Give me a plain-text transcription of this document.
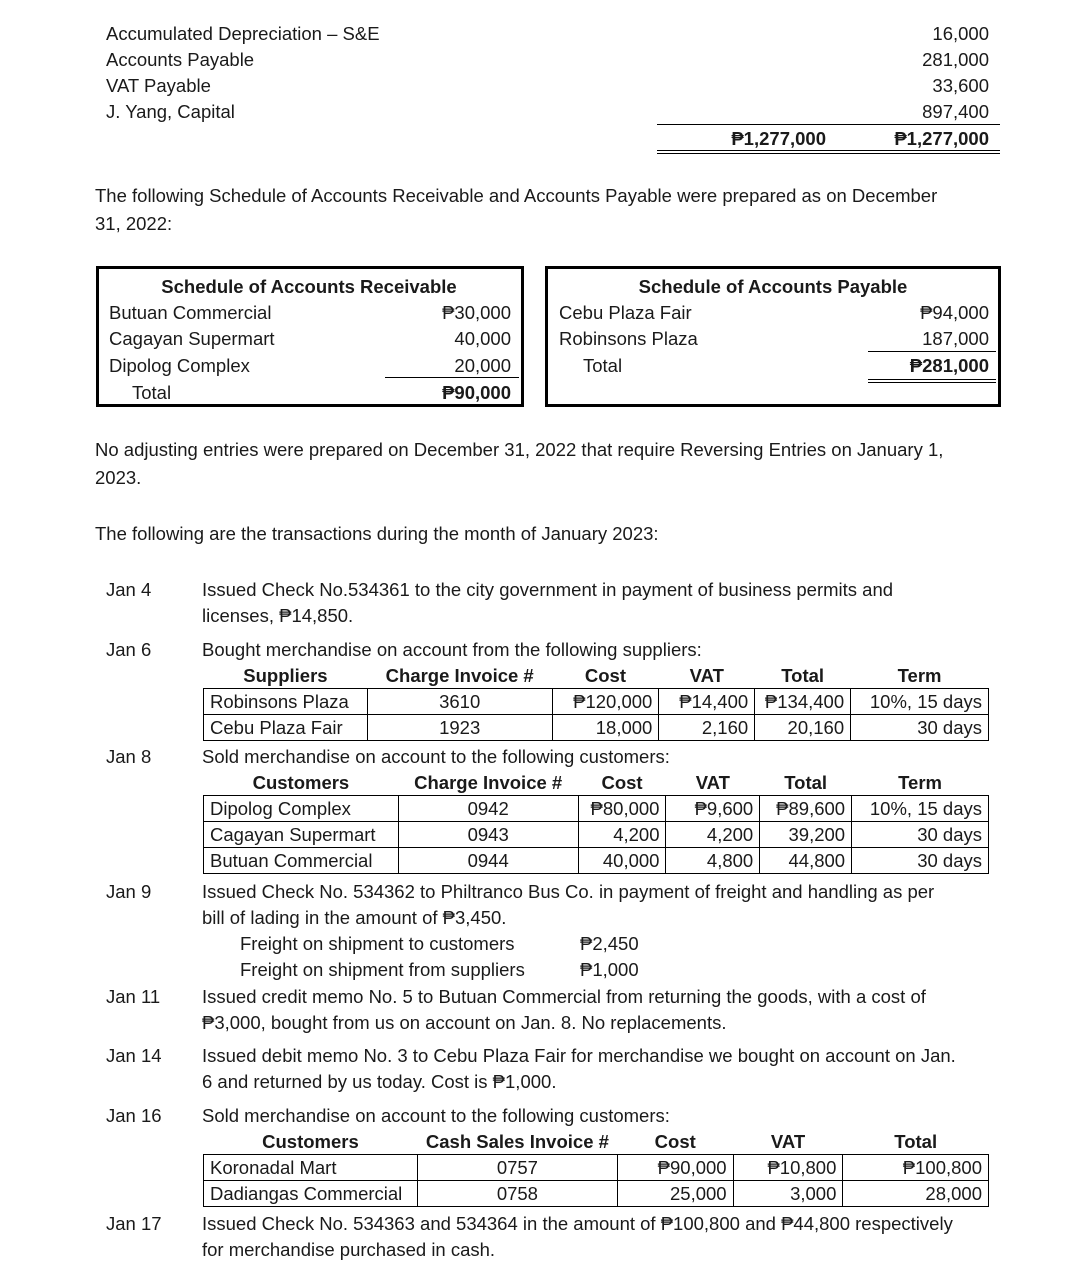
Accumulated Depreciation – S&E	16,000
Accounts Payable	281,000
VAT Payable	33,600
J. Yang, Capital	897,400
₱1,277,000	₱1,277,000
The following Schedule of Accounts Receivable and Accounts Payable were prepared as on December
31, 2022:
Schedule of Accounts Receivable
Butuan Commercial	₱30,000
Cagayan Supermart	40,000
Dipolog Complex	20,000
Total	₱90,000
Schedule of Accounts Payable
Cebu Plaza Fair	₱94,000
Robinsons Plaza	187,000
Total	₱281,000
No adjusting entries were prepared on December 31, 2022 that require Reversing Entries on January 1,
2023.
The following are the transactions during the month of January 2023:
Jan 4	Issued Check No.534361 to the city government in payment of business permits and
licenses, ₱14,850.
Jan 6	Bought merchandise on account from the following suppliers:
Suppliers	Charge Invoice #	Cost	VAT	Total	Term
Robinsons Plaza	3610	₱120,000	₱14,400	₱134,400	10%, 15 days
Cebu Plaza Fair	1923	18,000	2,160	20,160	30 days
Jan 8	Sold merchandise on account to the following customers:
Customers	Charge Invoice #	Cost	VAT	Total	Term
Dipolog Complex	0942	₱80,000	₱9,600	₱89,600	10%, 15 days
Cagayan Supermart	0943	4,200	4,200	39,200	30 days
Butuan Commercial	0944	40,000	4,800	44,800	30 days
Jan 9	Issued Check No. 534362 to Philtranco Bus Co. in payment of freight and handling as per
bill of lading in the amount of ₱3,450.
Freight on shipment to customers	₱2,450
Freight on shipment from suppliers	₱1,000
Jan 11 Issued credit memo No. 5 to Butuan Commercial from returning the goods, with a cost of
₱3,000, bought from us on account on Jan. 8. No replacements.
Jan 14 Issued debit memo No. 3 to Cebu Plaza Fair for merchandise we bought on account on Jan.
6 and returned by us today. Cost is ₱1,000.
Jan 16 Sold merchandise on account to the following customers:
Customers	Cash Sales Invoice #	Cost	VAT	Total
Koronadal Mart	0757	₱90,000	₱10,800	₱100,800
Dadiangas Commercial	0758	25,000	3,000	28,000
Jan 17 Issued Check No. 534363 and 534364 in the amount of ₱100,800 and ₱44,800 respectively
for merchandise purchased in cash.
